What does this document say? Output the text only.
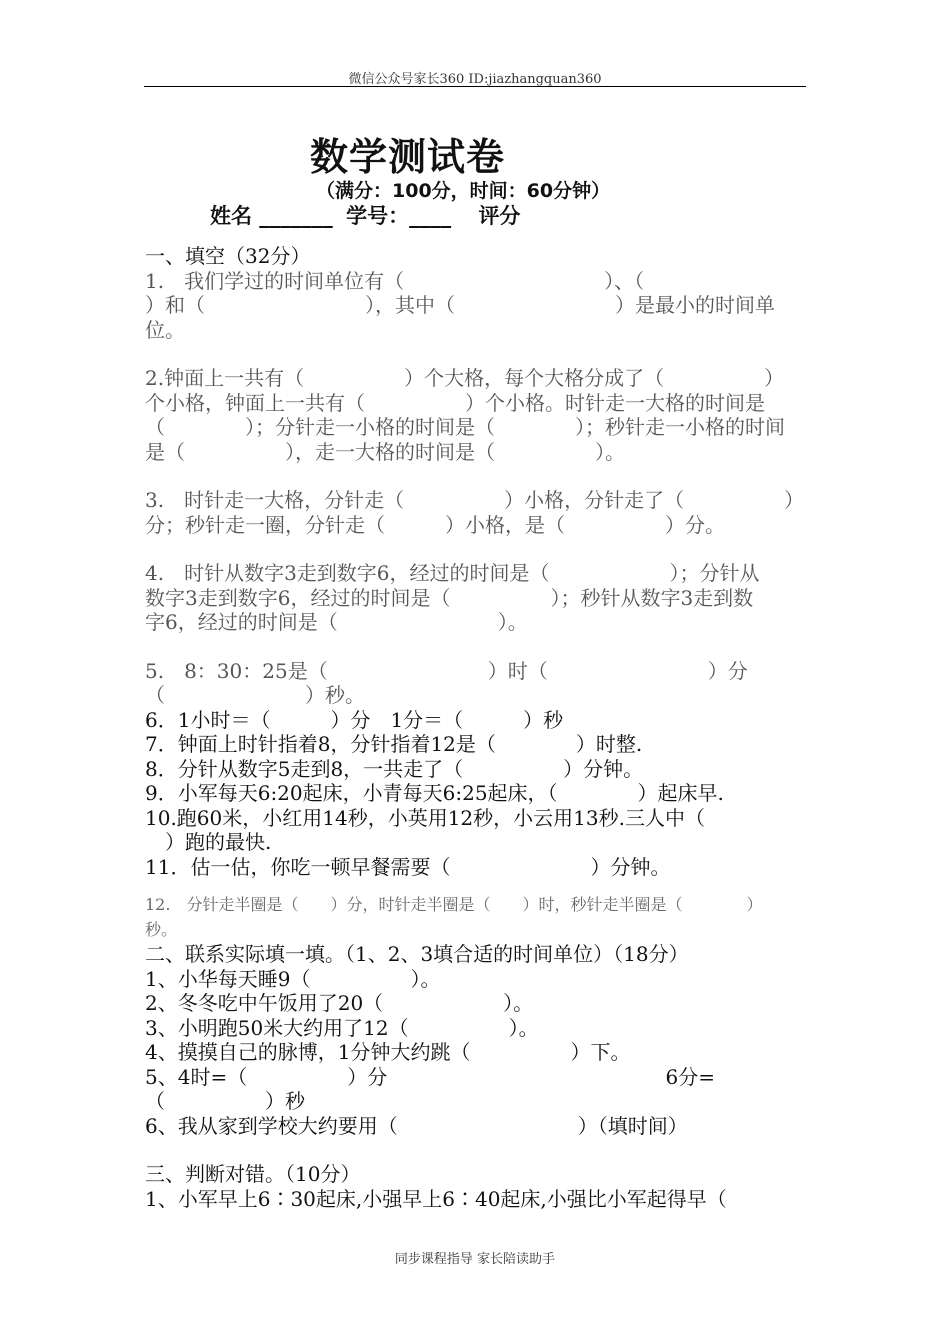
微信公众号家长360 ID:jiazhangquan360
数学测试卷
（满分：100分，时间：60分钟）
姓名 _______ 学号：____ 评分

一、填空（32分）

1.　我们学过的时间单位有（　　　　　　　　　　）、（

）和（　　　　　　　　），其中（　　　　　　　　）是最小的时间单位。

2.钟面上一共有（　　　　　）个大格，每个大格分成了（　　　　　）

个小格，钟面上一共有（　　　　　）个小格。时针走一大格的时间是

（　　　　）；分针走一小格的时间是（　　　　）；秒针走一小格的时间

是（　　　　　），走一大格的时间是（　　　　　）。

3.　时针走一大格，分针走（　　　　　）小格，分针走了（　　　　　）

分；秒针走一圈，分针走（　　　）小格，是（　　　　　）分。

4.　时针从数字3走到数字6，经过的时间是（　　　　　　）；分针从

数字3走到数字6，经过的时间是（　　　　　）；秒针从数字3走到数

字6，经过的时间是（　　　　　　　　）。

5.　8：30：25是（　　　　　　　　）时（　　　　　　　　）分

（　　　　　　　）秒。

6．1小时＝（　　　）分　1分＝（　　　）秒

7．钟面上时针指着8，分针指着12是（　　　　）时整.

8．分针从数字5走到8，一共走了（　　　　　）分钟。

9．小军每天6:20起床，小青每天6:25起床，（　　　　）起床早.

10.跑60米，小红用14秒，小英用12秒，小云用13秒.三人中（

　）跑的最快.

11．估一估，你吃一顿早餐需要（　　　　　　　）分钟。

12.　分针走半圈是（　　）分，时针走半圈是（　　）时，秒针走半圈是（　　　　）

秒。

二、联系实际填一填。（1、2、3填合适的时间单位）（18分）

1、小华每天睡9（　　　　　）。

2、冬冬吃中午饭用了20（　　　　　　）。

3、小明跑50米大约用了12（　　　　　）。

4、摸摸自己的脉博，1分钟大约跳（　　　　　）下。

5、4时=（　　　　　）分	6分=

（　　　　　）秒

6、我从家到学校大约要用（　　　　　　　　　）（填时间）

三、判断对错。（10分）

1、小军早上6∶30起床,小强早上6∶40起床,小强比小军起得早（

同步课程指导 家长陪读助手
